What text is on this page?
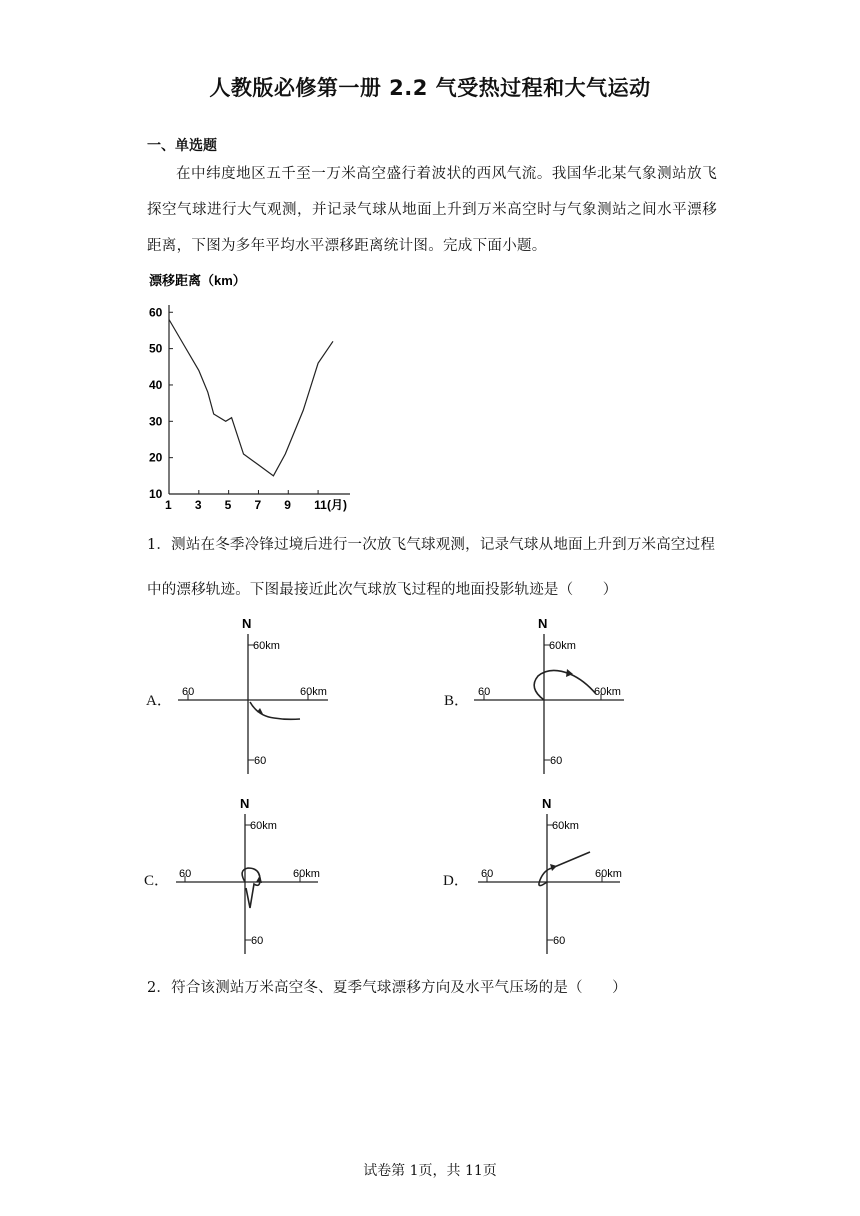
人教版必修第一册 2.2 气受热过程和大气运动
一、单选题
在中纬度地区五千至一万米高空盛行着波状的西风气流。我国华北某气象测站放飞探空气球进行大气观测，并记录气球从地面上升到万米高空时与气象测站之间水平漂移距离，下图为多年平均水平漂移距离统计图。完成下面小题。
漂移距离（km）
10
20
30
40
50
60
1 3 5 7 9 11 (月)
1．测站在冬季冷锋过境后进行一次放飞气球观测，记录气球从地面上升到万米高空过程中的漂移轨迹。下图最接近此次气球放飞过程的地面投影轨迹是（　　）
A．
N
60km
60	60km
60
B．
N
60km
60	60km
60
C．
N
60km
60	60km
60
D．
N
60km
60	60km
60
2．符合该测站万米高空冬、夏季气球漂移方向及水平气压场的是（　　）
试卷第 1页，共 11页
